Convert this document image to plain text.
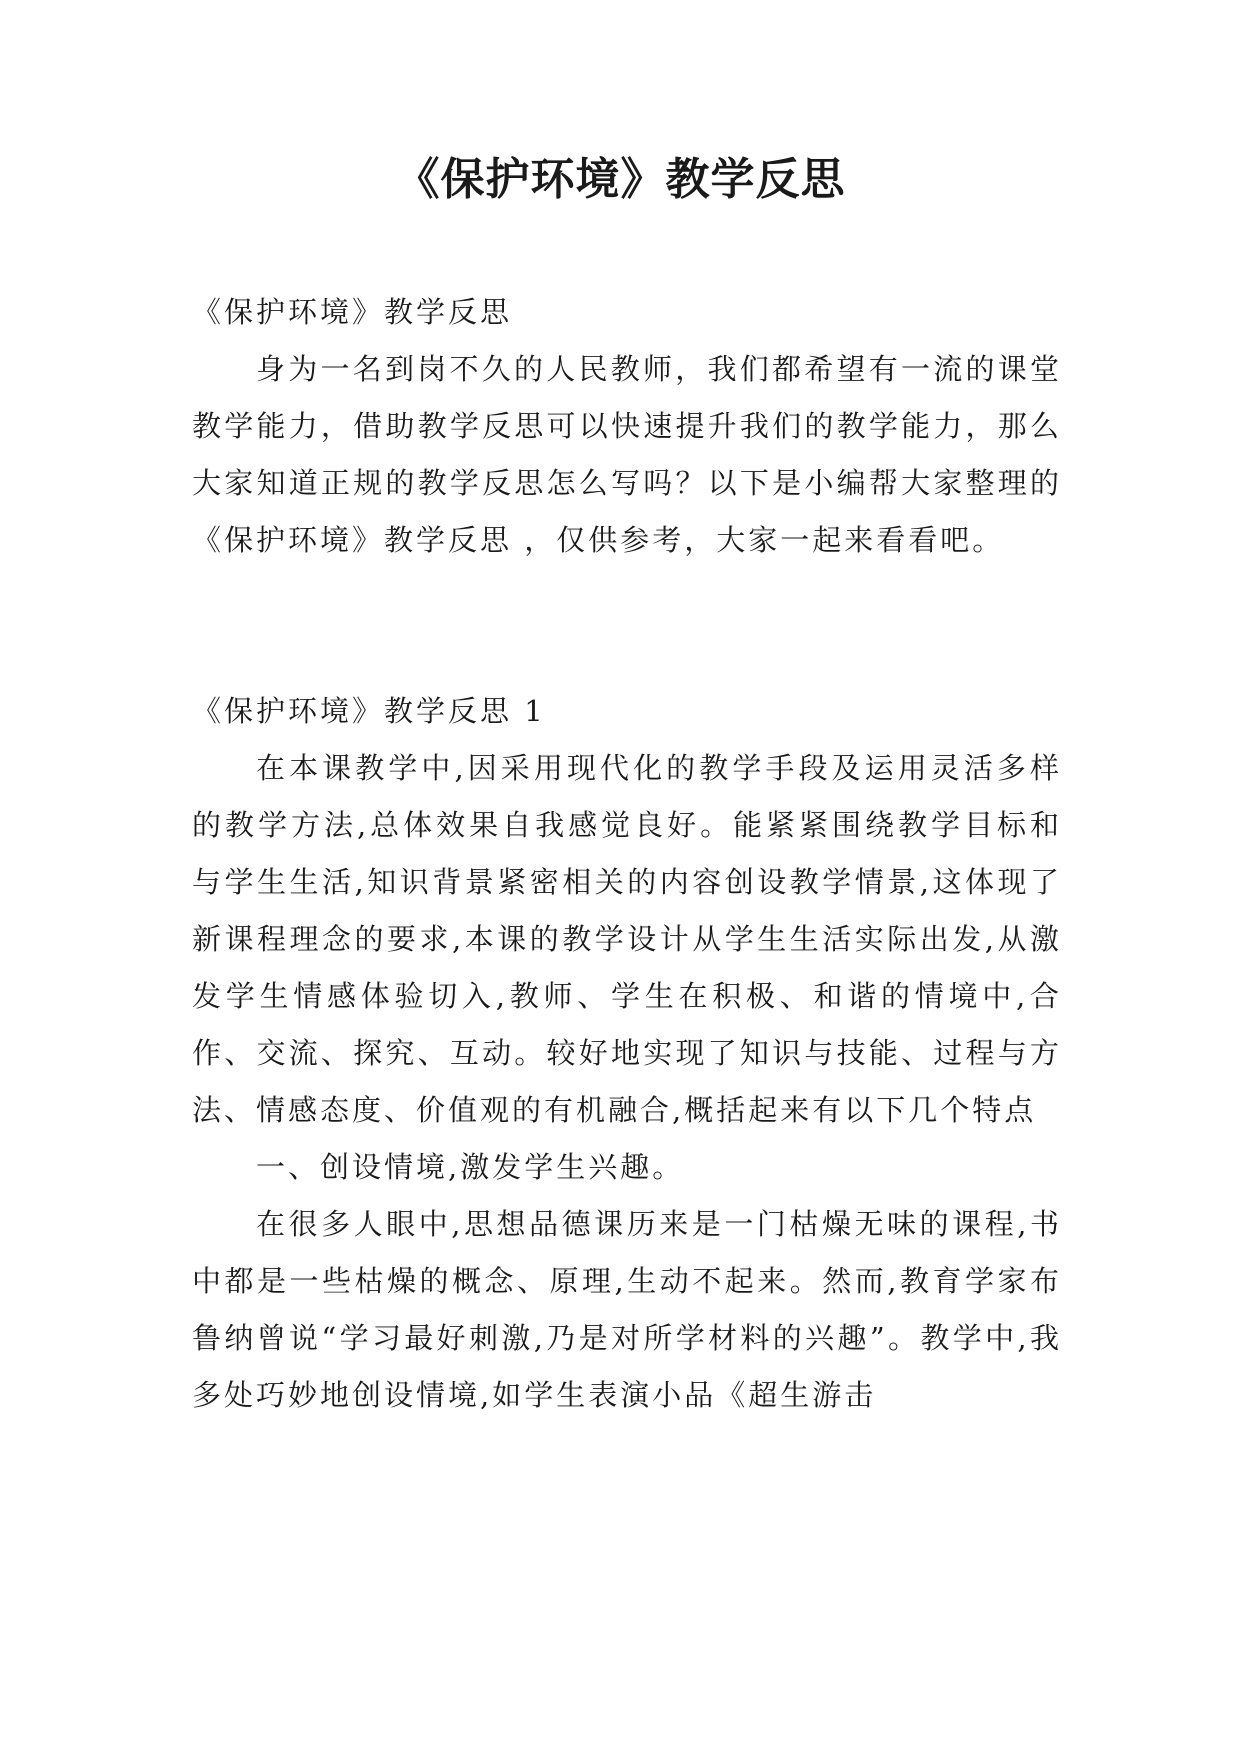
《保护环境》教学反思

《保护环境》教学反思

身为一名到岗不久的人民教师，我们都希望有一流的课堂教学能力，借助教学反思可以快速提升我们的教学能力，那么大家知道正规的教学反思怎么写吗？以下是小编帮大家整理的《保护环境》教学反思 ，仅供参考，大家一起来看看吧。

《保护环境》教学反思 1

在本课教学中,因采用现代化的教学手段及运用灵活多样的教学方法,总体效果自我感觉良好。能紧紧围绕教学目标和与学生生活,知识背景紧密相关的内容创设教学情景,这体现了新课程理念的要求,本课的教学设计从学生生活实际出发,从激发学生情感体验切入,教师、学生在积极、和谐的情境中,合作、交流、探究、互动。较好地实现了知识与技能、过程与方法、情感态度、价值观的有机融合,概括起来有以下几个特点

一、创设情境,激发学生兴趣。

在很多人眼中,思想品德课历来是一门枯燥无味的课程,书中都是一些枯燥的概念、原理,生动不起来。然而,教育学家布鲁纳曾说“学习最好刺激,乃是对所学材料的兴趣”。教学中,我多处巧妙地创设情境,如学生表演小品《超生游击
